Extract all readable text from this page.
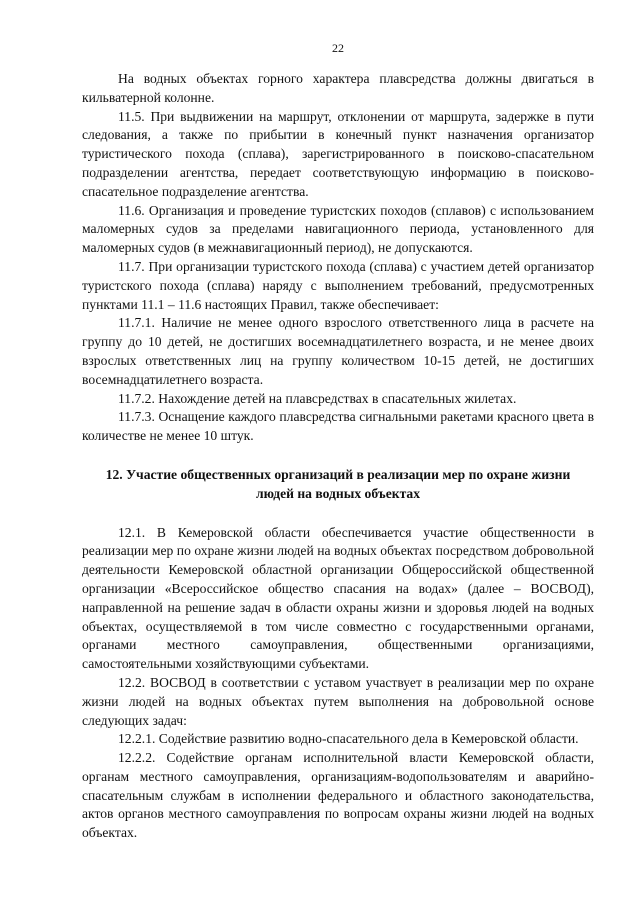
22

На водных объектах горного характера плавсредства должны двигаться в кильватерной колонне.

11.5. При выдвижении на маршрут, отклонении от маршрута, задержке в пути следования, а также по прибытии в конечный пункт назначения организатор туристического похода (сплава), зарегистрированного в поисково-спасательном подразделении агентства, передает соответствующую информацию в поисково-спасательное подразделение агентства.

11.6. Организация и проведение туристских походов (сплавов) с использованием маломерных судов за пределами навигационного периода, установленного для маломерных судов (в межнавигационный период), не допускаются.

11.7. При организации туристского похода (сплава) с участием детей организатор туристского похода (сплава) наряду с выполнением требований, предусмотренных пунктами 11.1 – 11.6 настоящих Правил, также обеспечивает:

11.7.1. Наличие не менее одного взрослого ответственного лица в расчете на группу до 10 детей, не достигших восемнадцатилетнего возраста, и не менее двоих взрослых ответственных лиц на группу количеством 10-15 детей, не достигших восемнадцатилетнего возраста.

11.7.2. Нахождение детей на плавсредствах в спасательных жилетах.

11.7.3. Оснащение каждого плавсредства сигнальными ракетами красного цвета в количестве не менее 10 штук.

12. Участие общественных организаций в реализации мер по охране жизни людей на водных объектах

12.1. В Кемеровской области обеспечивается участие общественности в реализации мер по охране жизни людей на водных объектах посредством добровольной деятельности Кемеровской областной организации Общероссийской общественной организации «Всероссийское общество спасания на водах» (далее – ВОСВОД), направленной на решение задач в области охраны жизни и здоровья людей на водных объектах, осуществляемой в том числе совместно с государственными органами, органами местного самоуправления, общественными организациями, самостоятельными хозяйствующими субъектами.

12.2. ВОСВОД в соответствии с уставом участвует в реализации мер по охране жизни людей на водных объектах путем выполнения на добровольной основе следующих задач:

12.2.1. Содействие развитию водно-спасательного дела в Кемеровской области.

12.2.2. Содействие органам исполнительной власти Кемеровской области, органам местного самоуправления, организациям-водопользователям и аварийно-спасательным службам в исполнении федерального и областного законодательства, актов органов местного самоуправления по вопросам охраны жизни людей на водных объектах.
